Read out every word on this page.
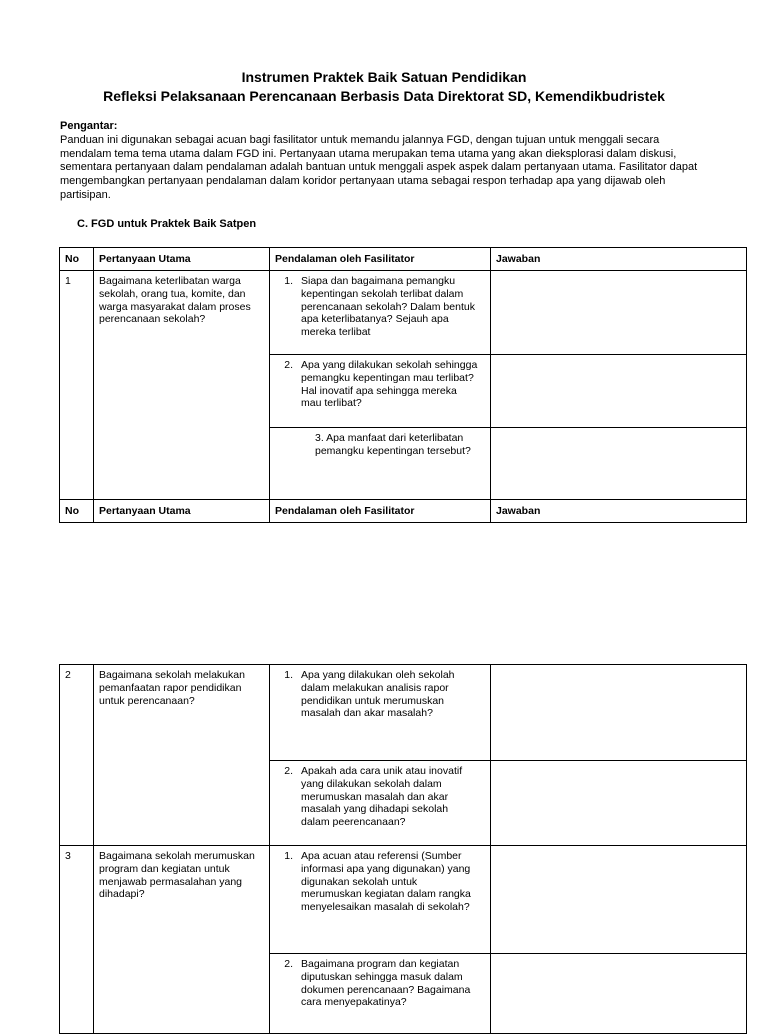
Instrumen Praktek Baik Satuan Pendidikan
Refleksi Pelaksanaan Perencanaan Berbasis Data Direktorat SD, Kemendikbudristek
Pengantar:
Panduan ini digunakan sebagai acuan bagi fasilitator untuk memandu jalannya FGD, dengan tujuan untuk menggali secara mendalam tema tema utama dalam FGD ini. Pertanyaan utama merupakan tema utama yang akan dieksplorasi dalam diskusi, sementara pertanyaan dalam pendalaman adalah bantuan untuk menggali aspek aspek dalam pertanyaan utama. Fasilitator dapat mengembangkan pertanyaan pendalaman dalam koridor pertanyaan utama sebagai respon terhadap apa yang dijawab oleh partisipan.
C. FGD untuk Praktek Baik Satpen
No	Pertanyaan Utama	Pendalaman oleh Fasilitator	Jawaban
1	Bagaimana keterlibatan warga sekolah, orang tua, komite, dan warga masyarakat dalam proses perencanaan sekolah?	1. Siapa dan bagaimana pemangku kepentingan sekolah terlibat dalam perencanaan sekolah? Dalam bentuk apa keterlibatanya? Sejauh apa mereka terlibat	

		2. Apa yang dilakukan sekolah sehingga pemangku kepentingan mau terlibat? Hal inovatif apa sehingga mereka mau terlibat?	

		3. Apa manfaat dari keterlibatan pemangku kepentingan tersebut?	

No	Pertanyaan Utama	Pendalaman oleh Fasilitator	Jawaban
2	Bagaimana sekolah melakukan pemanfaatan rapor pendidikan untuk perencanaan?	1. Apa yang dilakukan oleh sekolah dalam melakukan analisis rapor pendidikan untuk merumuskan masalah dan akar masalah?	

		2. Apakah ada cara unik atau inovatif yang dilakukan sekolah dalam merumuskan masalah dan akar masalah yang dihadapi sekolah dalam peerencanaan?	

3	Bagaimana sekolah merumuskan program dan kegiatan untuk menjawab permasalahan yang dihadapi?	1. Apa acuan atau referensi (Sumber informasi apa yang digunakan) yang digunakan sekolah untuk merumuskan kegiatan dalam rangka menyelesaikan masalah di sekolah?	

		2. Bagaimana program dan kegiatan diputuskan sehingga masuk dalam dokumen perencanaan? Bagaimana cara menyepakatinya?	
